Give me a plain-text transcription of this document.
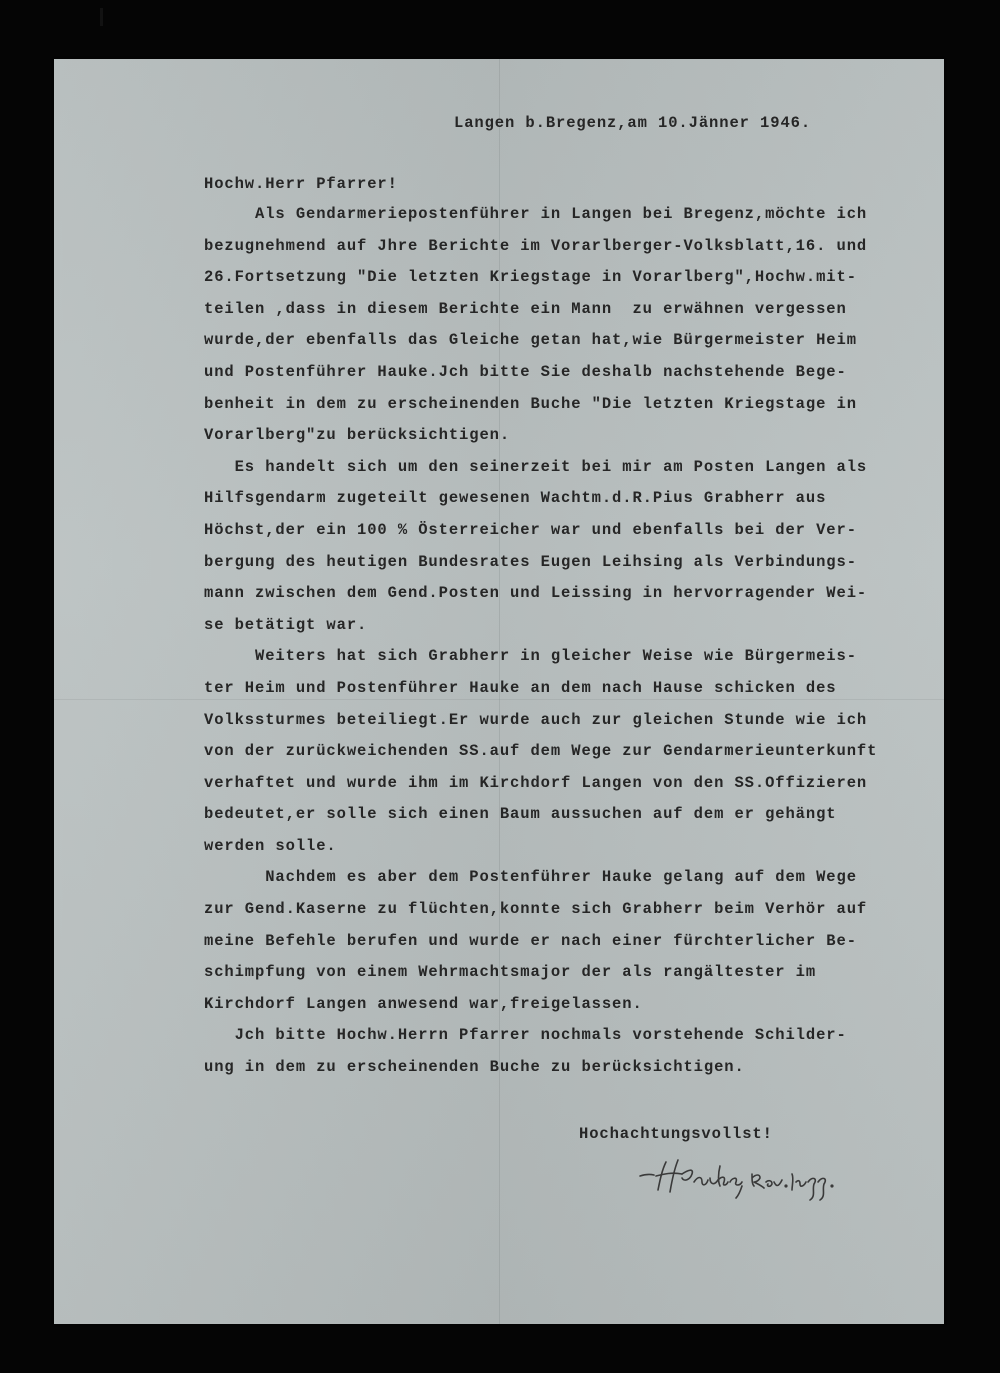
Langen b.Bregenz,am 10.Jänner 1946.
Hochw.Herr Pfarrer!
Als Gendarmeriepostenführer in Langen bei Bregenz,möchte ich
bezugnehmend auf Jhre Berichte im Vorarlberger-Volksblatt,16. und
26.Fortsetzung "Die letzten Kriegstage in Vorarlberg",Hochw.mit-
teilen ,dass in diesem Berichte ein Mann  zu erwähnen vergessen
wurde,der ebenfalls das Gleiche getan hat,wie Bürgermeister Heim
und Postenführer Hauke.Jch bitte Sie deshalb nachstehende Bege-
benheit in dem zu erscheinenden Buche "Die letzten Kriegstage in
Vorarlberg"zu berücksichtigen.
Es handelt sich um den seinerzeit bei mir am Posten Langen als
Hilfsgendarm zugeteilt gewesenen Wachtm.d.R.Pius Grabherr aus
Höchst,der ein 100 % Österreicher war und ebenfalls bei der Ver-
bergung des heutigen Bundesrates Eugen Leihsing als Verbindungs-
mann zwischen dem Gend.Posten und Leissing in hervorragender Wei-
se betätigt war.
Weiters hat sich Grabherr in gleicher Weise wie Bürgermeis-
ter Heim und Postenführer Hauke an dem nach Hause schicken des
Volkssturmes beteiliegt.Er wurde auch zur gleichen Stunde wie ich
von der zurückweichenden SS.auf dem Wege zur Gendarmerieunterkunft
verhaftet und wurde ihm im Kirchdorf Langen von den SS.Offizieren
bedeutet,er solle sich einen Baum aussuchen auf dem er gehängt
werden solle.
Nachdem es aber dem Postenführer Hauke gelang auf dem Wege
zur Gend.Kaserne zu flüchten,konnte sich Grabherr beim Verhör auf
meine Befehle berufen und wurde er nach einer fürchterlicher Be-
schimpfung von einem Wehrmachtsmajor der als rangältester im
Kirchdorf Langen anwesend war,freigelassen.
Jch bitte Hochw.Herrn Pfarrer nochmals vorstehende Schilder-
ung in dem zu erscheinenden Buche zu berücksichtigen.
Hochachtungsvollst!
